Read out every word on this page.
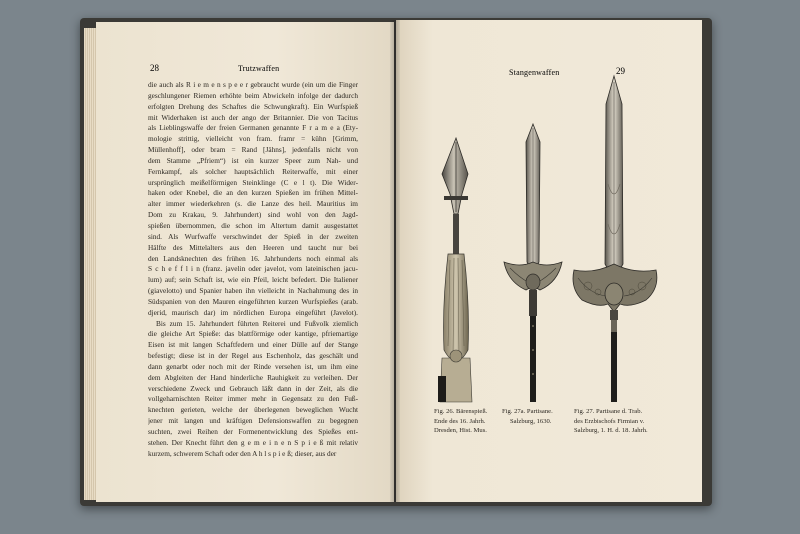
28	Trutzwaffen
die auch als R i e m e n s p e e r gebraucht wurde (ein um die Finger
geschlungener Riemen erhöhte beim Abwickeln infolge der dadurch
erfolgten Drehung des Schaftes die Schwungkraft). Ein Wurfspieß
mit Widerhaken ist auch der ango der Britannier. Die von Tacitus
als Lieblingswaffe der freien Germanen genannte F r a m e a (Ety-
mologie strittig, vielleicht von fram. framr = kühn [Grimm,
Müllenhoff], oder bram = Rand [Jähns], jedenfalls nicht von
dem Stamme „Pfriem“) ist ein kurzer Speer zum Nah- und
Fernkampf, als solcher hauptsächlich Reiterwaffe, mit einer
ursprünglich meißelförmigen Steinklinge (C e l t). Die Wider-
haken oder Knebel, die an den kurzen Spießen im frühen Mittel-
alter immer wiederkehren (s. die Lanze des heil. Mauritius im
Dom zu Krakau, 9. Jahrhundert) sind wohl von den Jagd-
spießen übernommen, die schon im Altertum damit ausgestattet
sind. Als Wurfwaffe verschwindet der Spieß in der zweiten
Hälfte des Mittelalters aus den Heeren und taucht nur bei
den Landsknechten des frühen 16. Jahrhunderts noch einmal als
S c h e f f l i n (franz. javelin oder javelot, vom lateinischen jacu-
lum) auf; sein Schaft ist, wie ein Pfeil, leicht befedert. Die Italiener
(giavelotto) und Spanier haben ihn vielleicht in Nachahmung des in
Südspanien von den Mauren eingeführten kurzen Wurfspießes (arab.
djerid, maurisch dar) im nördlichen Europa eingeführt (Javelot).
Bis zum 15. Jahrhundert führten Reiterei und Fußvolk ziemlich
die gleiche Art Spieße: das blattförmige oder kantige, pfriemartige
Eisen ist mit langen Schaftfedern und einer Dülle auf der Stange
befestigt; diese ist in der Regel aus Eschenholz, das geschält und
dann genarbt oder noch mit der Rinde versehen ist, um ihm eine
dem Abgleiten der Hand hinderliche Rauhigkeit zu verleihen. Der
verschiedene Zweck und Gebrauch läßt dann in der Zeit, als die
vollgeharnischten Reiter immer mehr in Gegensatz zu den Fuß-
knechten gerieten, welche der überlegenen beweglichen Wucht
jener mit langen und kräftigen Defensionswaffen zu begegnen
suchten, zwei Reihen der Formenentwicklung des Spießes ent-
stehen. Der Knecht führt den g e m e i n e n S p i e ß mit relativ
kurzem, schwerem Schaft oder den A h l s p i e ß; dieser, aus der
Stangenwaffen	29
Fig. 26. Bärenspieß.
Ende des 16. Jahrh.
Dresden, Hist. Mus.
Fig. 27a. Partisane.
Salzburg, 1630.
Fig. 27. Partisane d. Trab.
des Erzbischofs Firmian v.
Salzburg, 1. H. d. 18. Jahrh.
